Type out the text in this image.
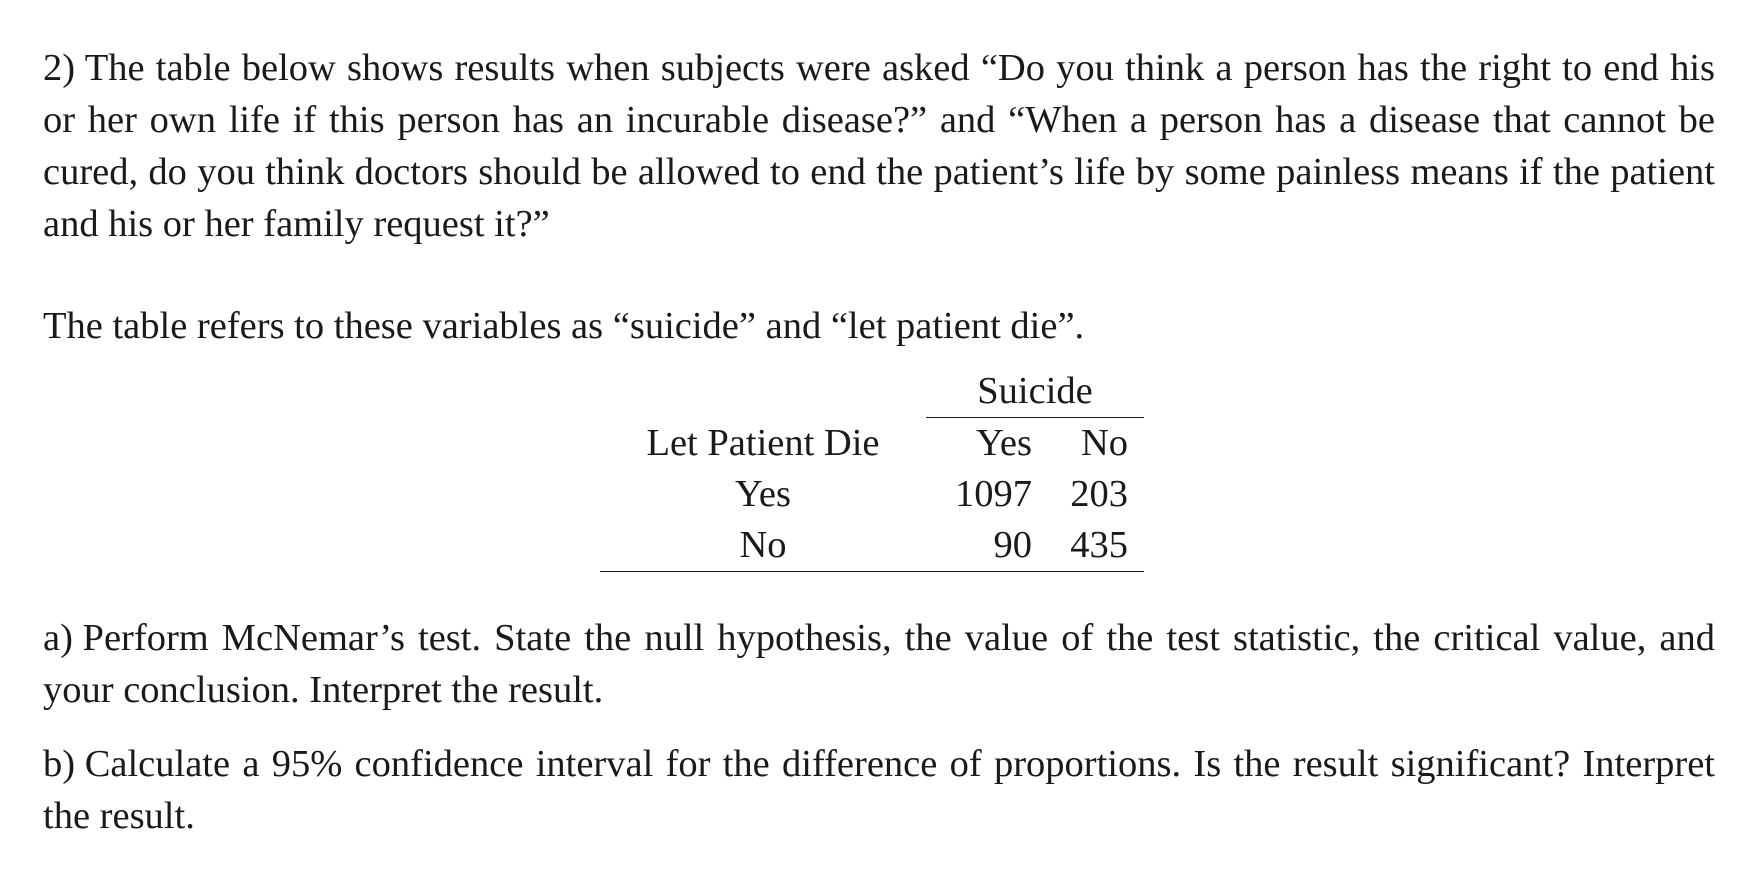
2) The table below shows results when subjects were asked “Do you think a person has the right to end his or her own life if this person has an incurable disease?” and “When a person has a disease that cannot be cured, do you think doctors should be allowed to end the patient’s life by some painless means if the patient and his or her family request it?”

The table refers to these variables as “suicide” and “let patient die”.

	Suicide	
Let Patient Die	Yes	No
Yes	1097	203
No	90	435

a) Perform McNemar’s test. State the null hypothesis, the value of the test statistic, the critical value, and your conclusion. Interpret the result.

b) Calculate a 95% confidence interval for the difference of proportions. Is the result significant? Interpret the result.
